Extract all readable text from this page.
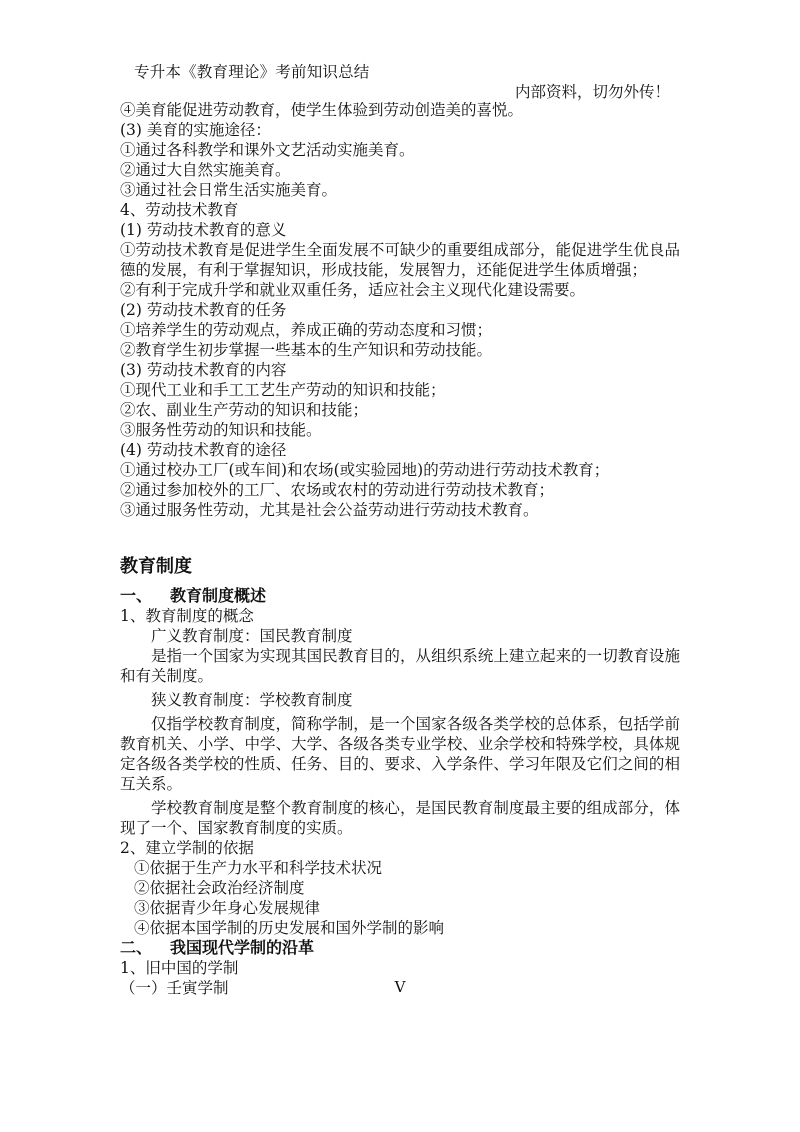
专升本《教育理论》考前知识总结
内部资料，切勿外传！
④美育能促进劳动教育，使学生体验到劳动创造美的喜悦。
(3) 美育的实施途径：
①通过各科教学和课外文艺活动实施美育。
②通过大自然实施美育。
③通过社会日常生活实施美育。
4、劳动技术教育
(1) 劳动技术教育的意义
①劳动技术教育是促进学生全面发展不可缺少的重要组成部分，能促进学生优良品德的发展，有利于掌握知识，形成技能，发展智力，还能促进学生体质增强；
②有利于完成升学和就业双重任务，适应社会主义现代化建设需要。
(2) 劳动技术教育的任务
①培养学生的劳动观点，养成正确的劳动态度和习惯；
②教育学生初步掌握一些基本的生产知识和劳动技能。
(3) 劳动技术教育的内容
①现代工业和手工工艺生产劳动的知识和技能；
②农、副业生产劳动的知识和技能；
③服务性劳动的知识和技能。
(4) 劳动技术教育的途径
①通过校办工厂(或车间)和农场(或实验园地)的劳动进行劳动技术教育；
②通过参加校外的工厂、农场或农村的劳动进行劳动技术教育；
③通过服务性劳动，尤其是社会公益劳动进行劳动技术教育。
教育制度
一、 教育制度概述
1、教育制度的概念
广义教育制度：国民教育制度
是指一个国家为实现其国民教育目的，从组织系统上建立起来的一切教育设施和有关制度。
狭义教育制度：学校教育制度
仅指学校教育制度，简称学制，是一个国家各级各类学校的总体系，包括学前教育机关、小学、中学、大学、各级各类专业学校、业余学校和特殊学校，具体规定各级各类学校的性质、任务、目的、要求、入学条件、学习年限及它们之间的相互关系。
学校教育制度是整个教育制度的核心，是国民教育制度最主要的组成部分，体现了一个、国家教育制度的实质。
2、建立学制的依据
①依据于生产力水平和科学技术状况
②依据社会政治经济制度
③依据青少年身心发展规律
④依据本国学制的历史发展和国外学制的影响
二、 我国现代学制的沿革
1、旧中国的学制
（一）壬寅学制	V
